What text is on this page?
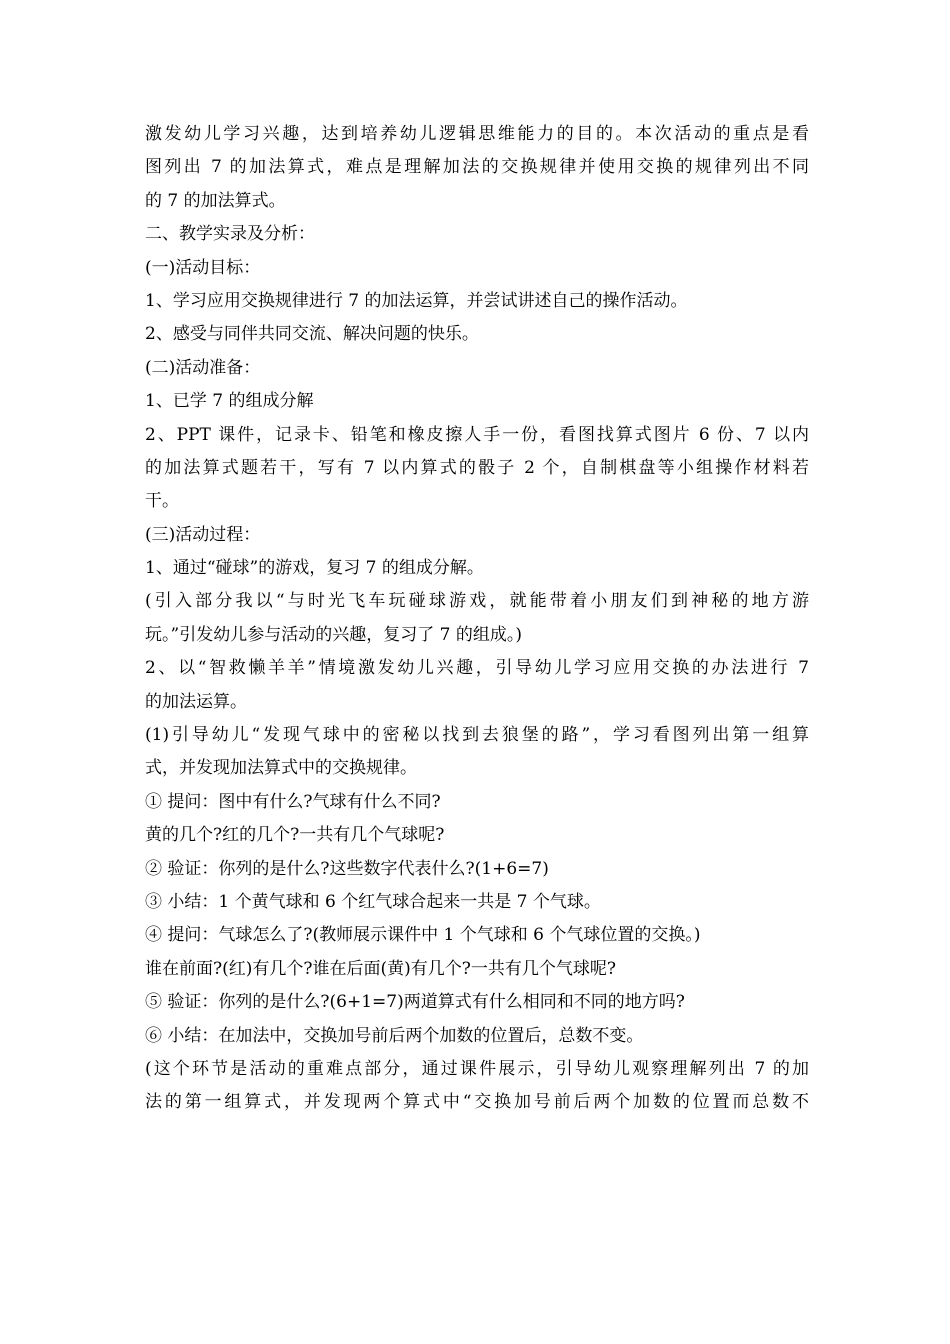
激发幼儿学习兴趣，达到培养幼儿逻辑思维能力的目的。本次活动的重点是看
图列出 7 的加法算式，难点是理解加法的交换规律并使用交换的规律列出不同
的 7 的加法算式。
二、教学实录及分析：
(一)活动目标：
1、学习应用交换规律进行 7 的加法运算，并尝试讲述自己的操作活动。
2、感受与同伴共同交流、解决问题的快乐。
(二)活动准备：
1、已学 7 的组成分解
2、PPT 课件，记录卡、铅笔和橡皮擦人手一份，看图找算式图片 6 份、7 以内
的加法算式题若干，写有 7 以内算式的骰子 2 个，自制棋盘等小组操作材料若
干。
(三)活动过程：
1、通过“碰球”的游戏，复习 7 的组成分解。
(引入部分我以“与时光飞车玩碰球游戏，就能带着小朋友们到神秘的地方游
玩。”引发幼儿参与活动的兴趣，复习了 7 的组成。)
2、以“智救懒羊羊”情境激发幼儿兴趣，引导幼儿学习应用交换的办法进行 7
的加法运算。
(1)引导幼儿“发现气球中的密秘以找到去狼堡的路”，学习看图列出第一组算
式，并发现加法算式中的交换规律。
① 提问：图中有什么?气球有什么不同?
黄的几个?红的几个?一共有几个气球呢?
② 验证：你列的是什么?这些数字代表什么?(1+6=7)
③ 小结：1 个黄气球和 6 个红气球合起来一共是 7 个气球。
④ 提问：气球怎么了?(教师展示课件中 1 个气球和 6 个气球位置的交换。)
谁在前面?(红)有几个?谁在后面(黄)有几个?一共有几个气球呢?
⑤ 验证：你列的是什么?(6+1=7)两道算式有什么相同和不同的地方吗?
⑥ 小结：在加法中，交换加号前后两个加数的位置后，总数不变。
(这个环节是活动的重难点部分，通过课件展示，引导幼儿观察理解列出 7 的加
法的第一组算式，并发现两个算式中“交换加号前后两个加数的位置而总数不
